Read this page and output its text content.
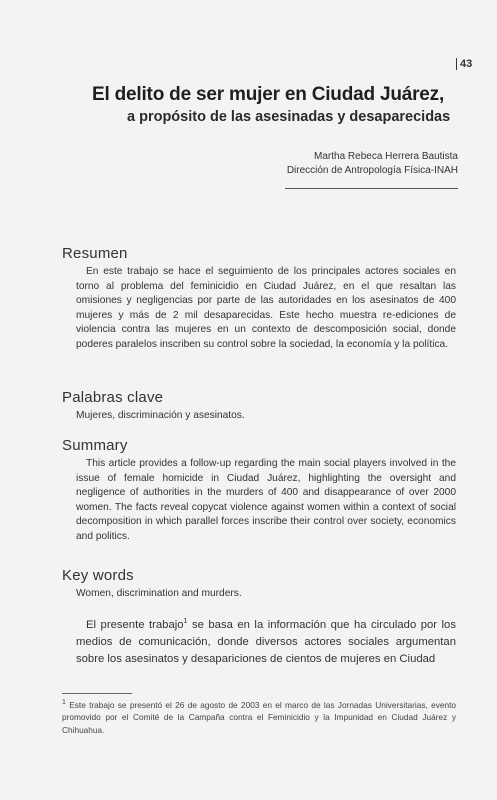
43
El delito de ser mujer en Ciudad Juárez,
a propósito de las asesinadas y desaparecidas
Martha Rebeca Herrera Bautista
Dirección de Antropología Física-INAH
Resumen
En este trabajo se hace el seguimiento de los principales actores sociales en torno al problema del feminicidio en Ciudad Juárez, en el que resaltan las omisiones y negligencias por parte de las autoridades en los asesinatos de 400 mujeres y más de 2 mil desaparecidas. Este hecho muestra re-ediciones de violencia contra las mujeres en un contexto de descomposición social, donde poderes paralelos inscriben su control sobre la sociedad, la economía y la política.
Palabras clave
Mujeres, discriminación y asesinatos.
Summary
This article provides a follow-up regarding the main social players involved in the issue of female homicide in Ciudad Juárez, highlighting the oversight and negligence of authorities in the murders of 400 and disappearance of over 2000 women. The facts reveal copycat violence against women within a context of social decomposition in which parallel forces inscribe their control over society, economics and politics.
Key words
Women, discrimination and murders.
El presente trabajo$^1$ se basa en la información que ha circulado por los medios de comunicación, donde diversos actores sociales argumentan sobre los asesinatos y desapariciones de cientos de mujeres en Ciudad
$^1$ Este trabajo se presentó el 26 de agosto de 2003 en el marco de las Jornadas Universitarias, evento promovido por el Comité de la Campaña contra el Feminicidio y la Impunidad en Ciudad Juárez y Chihuahua.
